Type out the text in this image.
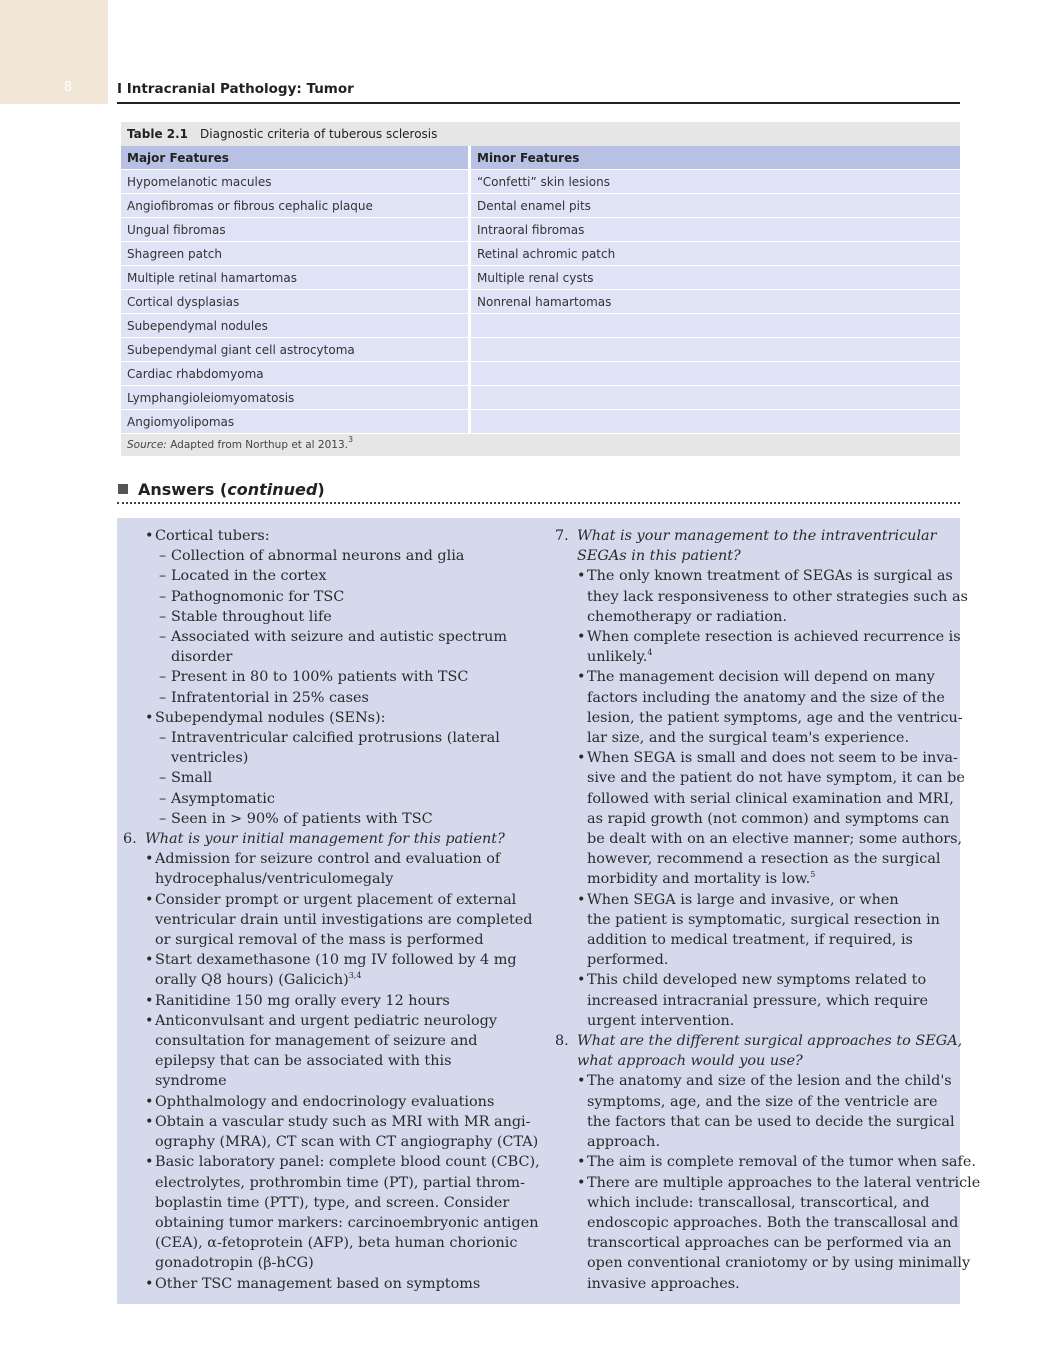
8	I Intracranial Pathology: Tumor
Table 2.1 Diagnostic criteria of tuberous sclerosis
Major Features	Minor Features
Hypomelanotic macules	“Confetti” skin lesions
Angiofibromas or fibrous cephalic plaque	Dental enamel pits
Ungual fibromas	Intraoral fibromas
Shagreen patch	Retinal achromic patch
Multiple retinal hamartomas	Multiple renal cysts
Cortical dysplasias	Nonrenal hamartomas
Subependymal nodules	
Subependymal giant cell astrocytoma	
Cardiac rhabdomyoma	
Lymphangioleiomyomatosis	
Angiomyolipomas	
Source: Adapted from Northup et al 2013.$^3$
Answers (continued)
• Cortical tubers:
– Collection of abnormal neurons and glia
– Located in the cortex
– Pathognomonic for TSC
– Stable throughout life
– Associated with seizure and autistic spectrum
disorder
– Present in 80 to 100% patients with TSC
– Infratentorial in 25% cases
• Subependymal nodules (SENs):
– Intraventricular calcified protrusions (lateral
ventricles)
– Small
– Asymptomatic
– Seen in > 90% of patients with TSC
6. What is your initial management for this patient?
• Admission for seizure control and evaluation of
hydrocephalus/ventriculomegaly
• Consider prompt or urgent placement of external
ventricular drain until investigations are completed
or surgical removal of the mass is performed
• Start dexamethasone (10 mg IV followed by 4 mg
orally Q8 hours) (Galicich)$^{3,4}$
• Ranitidine 150 mg orally every 12 hours
• Anticonvulsant and urgent pediatric neurology
consultation for management of seizure and
epilepsy that can be associated with this
syndrome
• Ophthalmology and endocrinology evaluations
• Obtain a vascular study such as MRI with MR angi-
ography (MRA), CT scan with CT angiography (CTA)
• Basic laboratory panel: complete blood count (CBC),
electrolytes, prothrombin time (PT), partial throm-
boplastin time (PTT), type, and screen. Consider
obtaining tumor markers: carcinoembryonic antigen
(CEA), α-fetoprotein (AFP), beta human chorionic
gonadotropin (β-hCG)
• Other TSC management based on symptoms
7. What is your management to the intraventricular
SEGAs in this patient?
• The only known treatment of SEGAs is surgical as
they lack responsiveness to other strategies such as
chemotherapy or radiation.
• When complete resection is achieved recurrence is
unlikely.$^4$
• The management decision will depend on many
factors including the anatomy and the size of the
lesion, the patient symptoms, age and the ventricu-
lar size, and the surgical team's experience.
• When SEGA is small and does not seem to be inva-
sive and the patient do not have symptom, it can be
followed with serial clinical examination and MRI,
as rapid growth (not common) and symptoms can
be dealt with on an elective manner; some authors,
however, recommend a resection as the surgical
morbidity and mortality is low.$^5$
• When SEGA is large and invasive, or when
the patient is symptomatic, surgical resection in
addition to medical treatment, if required, is
performed.
• This child developed new symptoms related to
increased intracranial pressure, which require
urgent intervention.
8. What are the different surgical approaches to SEGA,
what approach would you use?
• The anatomy and size of the lesion and the child's
symptoms, age, and the size of the ventricle are
the factors that can be used to decide the surgical
approach.
• The aim is complete removal of the tumor when safe.
• There are multiple approaches to the lateral ventricle
which include: transcallosal, transcortical, and
endoscopic approaches. Both the transcallosal and
transcortical approaches can be performed via an
open conventional craniotomy or by using minimally
invasive approaches.
